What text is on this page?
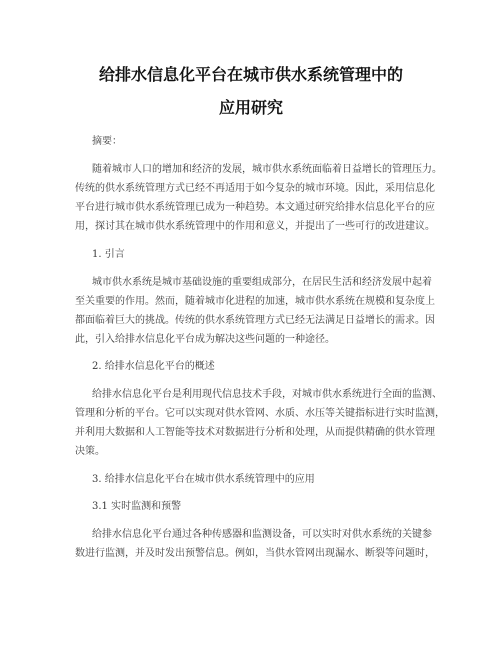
给排水信息化平台在城市供水系统管理中的
应用研究
摘要：
随着城市人口的增加和经济的发展，城市供水系统面临着日益增长的管理压力。
传统的供水系统管理方式已经不再适用于如今复杂的城市环境。因此，采用信息化
平台进行城市供水系统管理已成为一种趋势。本文通过研究给排水信息化平台的应
用，探讨其在城市供水系统管理中的作用和意义，并提出了一些可行的改进建议。
1. 引言
城市供水系统是城市基础设施的重要组成部分，在居民生活和经济发展中起着
至关重要的作用。然而，随着城市化进程的加速，城市供水系统在规模和复杂度上
都面临着巨大的挑战。传统的供水系统管理方式已经无法满足日益增长的需求。因
此，引入给排水信息化平台成为解决这些问题的一种途径。
2. 给排水信息化平台的概述
给排水信息化平台是利用现代信息技术手段，对城市供水系统进行全面的监测、
管理和分析的平台。它可以实现对供水管网、水质、水压等关键指标进行实时监测，
并利用大数据和人工智能等技术对数据进行分析和处理，从而提供精确的供水管理
决策。
3. 给排水信息化平台在城市供水系统管理中的应用
3.1 实时监测和预警
给排水信息化平台通过各种传感器和监测设备，可以实时对供水系统的关键参
数进行监测，并及时发出预警信息。例如，当供水管网出现漏水、断裂等问题时，
